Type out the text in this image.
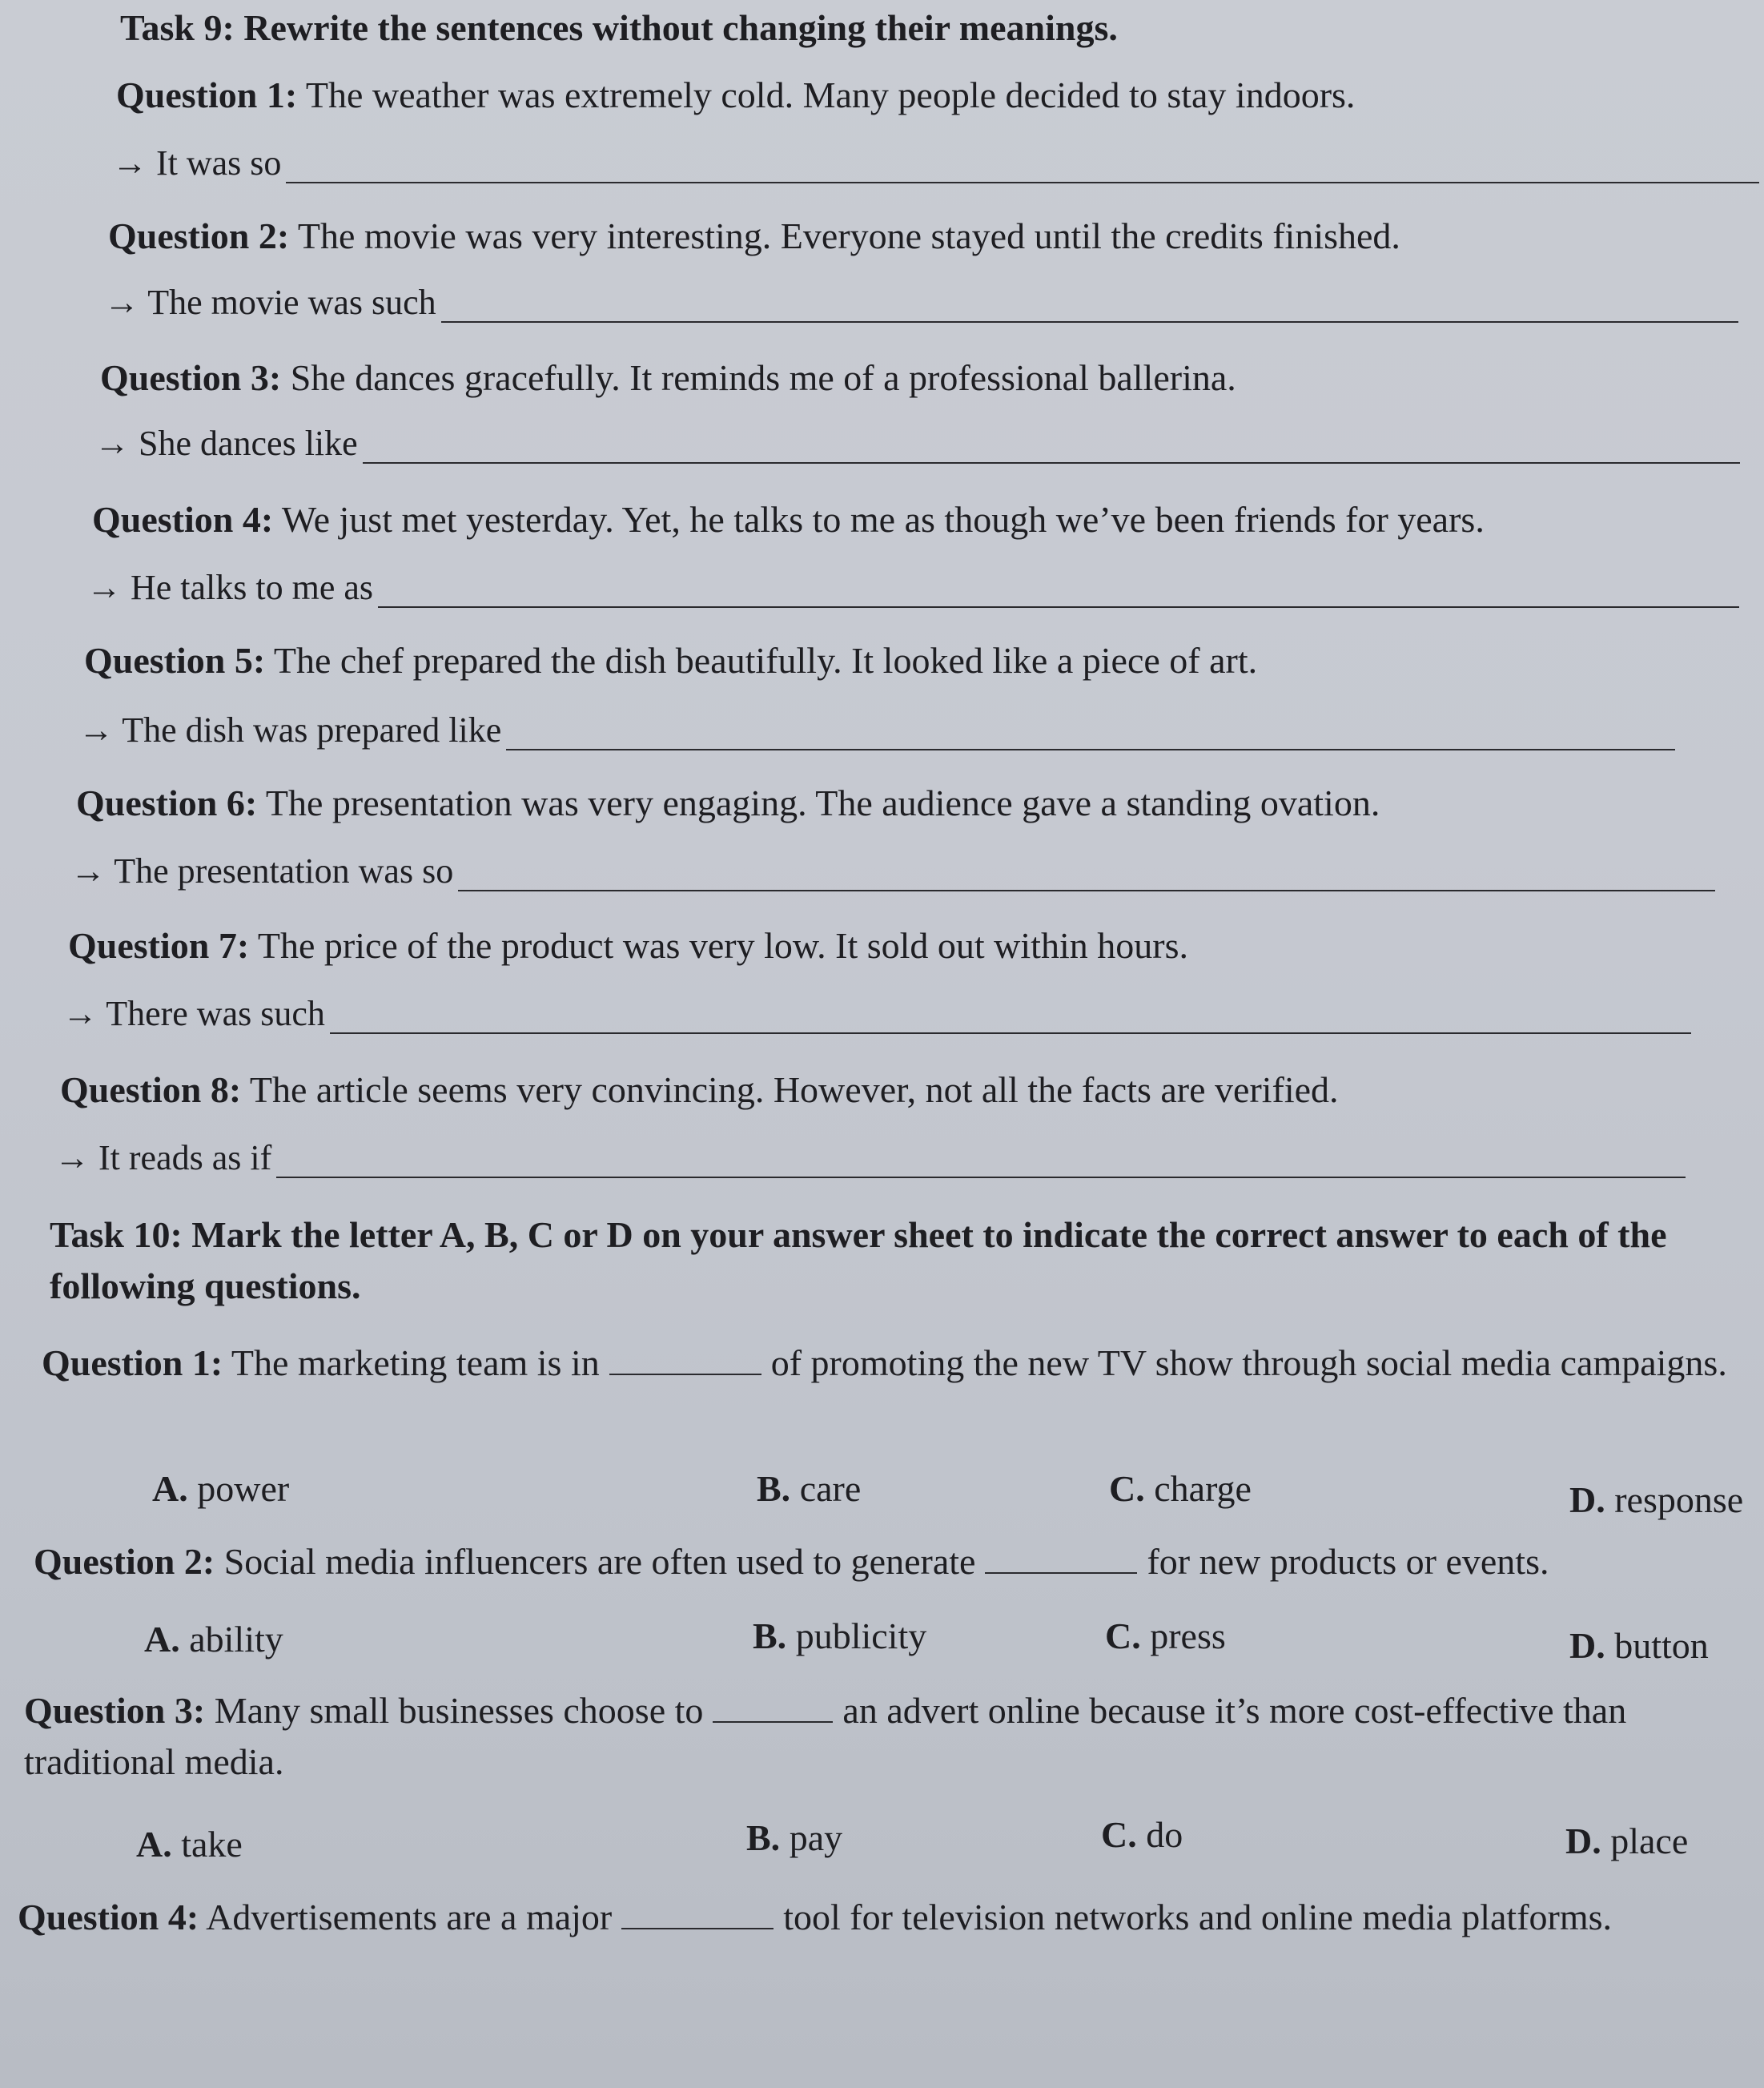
Task 9: Rewrite the sentences without changing their meanings.
Question 1: The weather was extremely cold. Many people decided to stay indoors.
→ It was so
Question 2: The movie was very interesting. Everyone stayed until the credits finished.
→ The movie was such
Question 3: She dances gracefully. It reminds me of a professional ballerina.
→ She dances like
Question 4: We just met yesterday. Yet, he talks to me as though we’ve been friends for years.
→ He talks to me as
Question 5: The chef prepared the dish beautifully. It looked like a piece of art.
→ The dish was prepared like
Question 6: The presentation was very engaging. The audience gave a standing ovation.
→ The presentation was so
Question 7: The price of the product was very low. It sold out within hours.
→ There was such
Question 8: The article seems very convincing. However, not all the facts are verified.
→ It reads as if
Task 10: Mark the letter A, B, C or D on your answer sheet to indicate the correct answer to each of the following questions.
Question 1: The marketing team is in	of promoting the new TV show through social media campaigns.
A. power	B. care	C. charge	D. response
Question 2: Social media influencers are often used to generate	for new products or events.
A. ability	B. publicity	C. press	D. button
Question 3: Many small businesses choose to	an advert online because it’s more cost-effective than traditional media.
A. take	B. pay	C. do	D. place
Question 4: Advertisements are a major	tool for television networks and online media platforms.
